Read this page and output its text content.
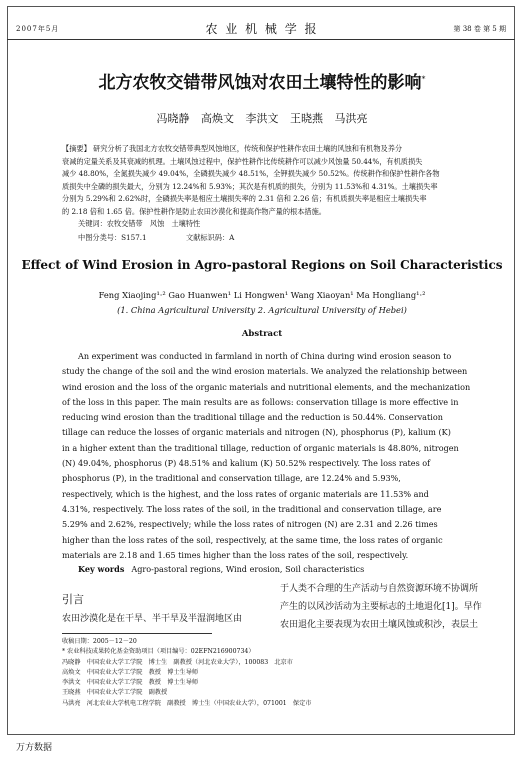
2007年5月	农 业 机 械 学 报	第 38 卷 第 5 期
北方农牧交错带风蚀对农田土壤特性的影响*
冯晓静 高焕文 李洪文 王晓燕 马洪亮
【摘要】 研究分析了我国北方农牧交错带典型风蚀地区，传统和保护性耕作农田土壤的风蚀和有机物及养分
衰减的定量关系及其衰减的机理。土壤风蚀过程中，保护性耕作比传统耕作可以减少风蚀量 50.44%，有机质损失
减少 48.80%，全氮损失减少 49.04%，全磷损失减少 48.51%，全钾损失减少 50.52%。传统耕作和保护性耕作各物
质损失中全磷的损失最大，分别为 12.24%和 5.93%；其次是有机质的损失，分别为 11.53%和 4.31%。土壤损失率
分别为 5.29%和 2.62%时，全磷损失率是相应土壤损失率的 2.31 倍和 2.26 倍；有机质损失率是相应土壤损失率
的 2.18 倍和 1.65 倍。保护性耕作是防止农田沙漠化和提高作物产量的根本措施。
关键词：农牧交错带　风蚀　土壤特性
中图分类号：S157.1	文献标识码：A
Effect of Wind Erosion in Agro-pastoral Regions on Soil Characteristics
Feng Xiaojing¹·² Gao Huanwen¹ Li Hongwen¹ Wang Xiaoyan¹ Ma Hongliang¹·²
(1. China Agricultural University 2. Agricultural University of Hebei)
Abstract
An experiment was conducted in farmland in north of China during wind erosion season to
study the change of the soil and the wind erosion materials. We analyzed the relationship between
wind erosion and the loss of the organic materials and nutritional elements, and the mechanization
of the loss in this paper. The main results are as follows: conservation tillage is more effective in
reducing wind erosion than the traditional tillage and the reduction is 50.44%. Conservation
tillage can reduce the losses of organic materials and nitrogen (N), phosphorus (P), kalium (K)
in a higher extent than the traditional tillage, reduction of organic materials is 48.80%, nitrogen
(N) 49.04%, phosphorus (P) 48.51% and kalium (K) 50.52% respectively. The loss rates of
phosphorus (P), in the traditional and conservation tillage, are 12.24% and 5.93%,
respectively, which is the highest, and the loss rates of organic materials are 11.53% and
4.31%, respectively. The loss rates of the soil, in the traditional and conservation tillage, are
5.29% and 2.62%, respectively; while the loss rates of nitrogen (N) are 2.31 and 2.26 times
higher than the loss rates of the soil, respectively, at the same time, the loss rates of organic
materials are 2.18 and 1.65 times higher than the loss rates of the soil, respectively.
Key words Agro-pastoral regions, Wind erosion, Soil characteristics
引言
农田沙漠化是在干旱、半干旱及半湿润地区由
于人类不合理的生产活动与自然资源环境不协调所
产生的以风沙活动为主要标志的土地退化[1]。早作
农田退化主要表现为农田土壤风蚀或积沙，表层土
收稿日期：2005－12－20
* 农业科技成果转化基金资助项目（项目编号：02EFN216900734）
冯晓静　中国农业大学工学院　博士生　副教授（河北农业大学），100083　北京市
高焕文　中国农业大学工学院　教授　博士生导师
李洪文　中国农业大学工学院　教授　博士生导师
王晓燕　中国农业大学工学院　副教授
马洪亮　河北农业大学机电工程学院　副教授　博士生（中国农业大学），071001　保定市
万方数据
